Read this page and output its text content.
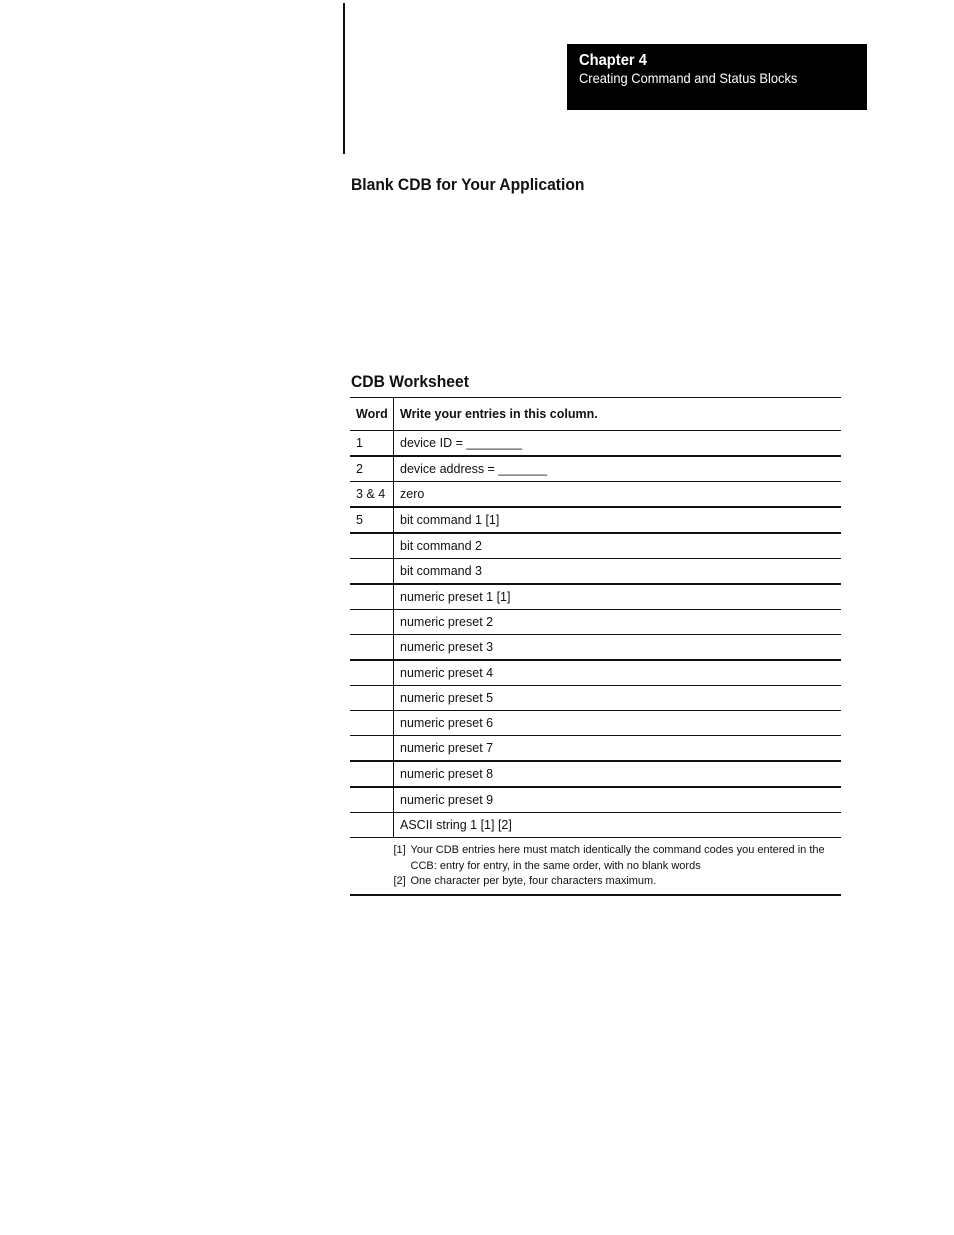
Chapter 4
Creating Command and Status Blocks
Blank CDB for Your Application
CDB Worksheet
Word	Write your entries in this column.
1	device ID = ________
2	device address = _______
3 & 4	zero
5	bit command 1 [1]
	bit command 2
	bit command 3
	numeric preset 1 [1]
	numeric preset 2
	numeric preset 3
	numeric preset 4
	numeric preset 5
	numeric preset 6
	numeric preset 7
	numeric preset 8
	numeric preset 9
	ASCII string 1 [1] [2]

	[1] Your CDB entries here must match identically the command codes you entered in the CCB: entry for entry, in the same order, with no blank words
[2] One character per byte, four characters maximum.
